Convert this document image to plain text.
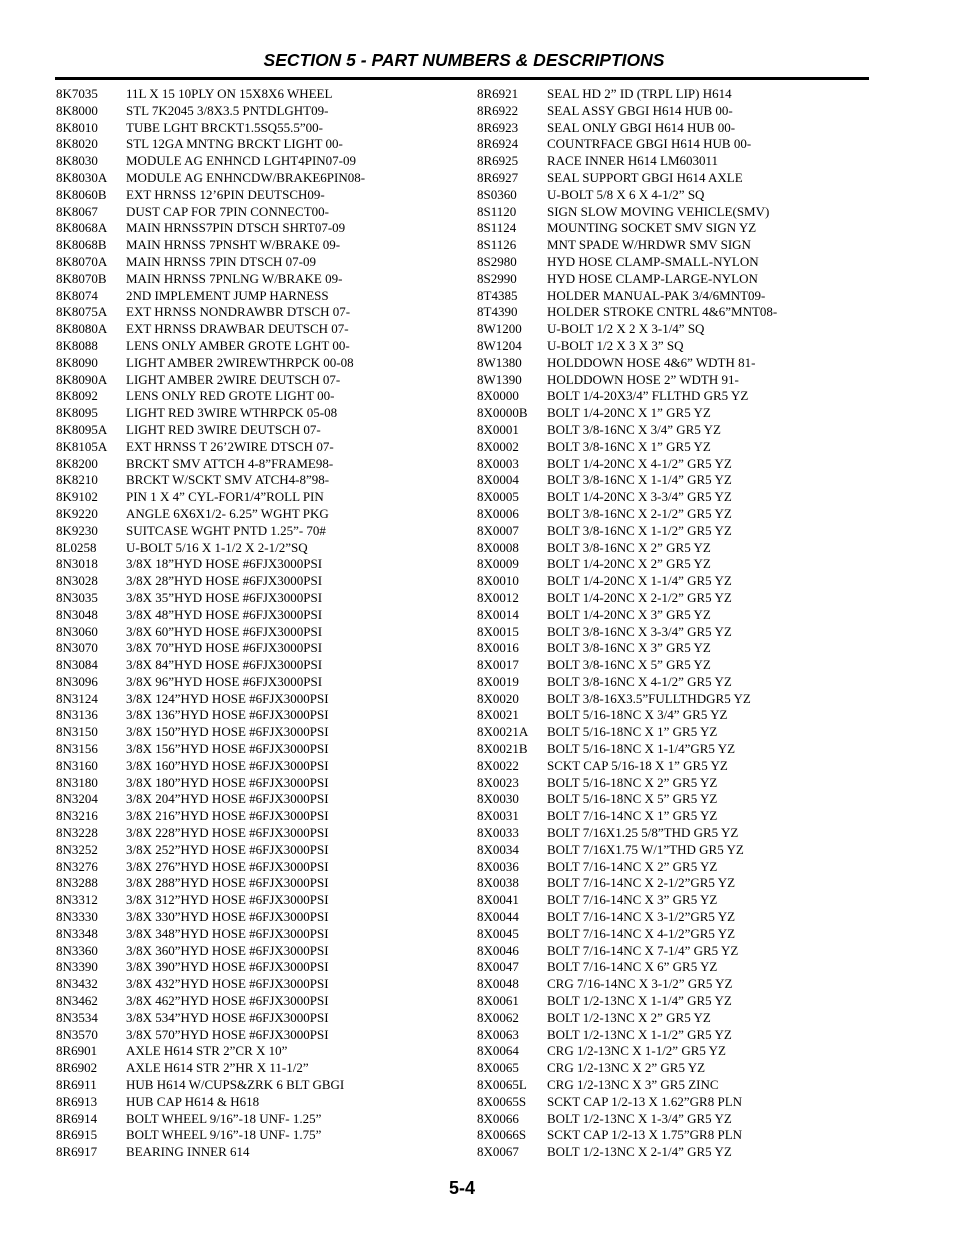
SECTION 5 - PART NUMBERS & DESCRIPTIONS
8K7035 11L X 15 10PLY ON 15X8X6 WHEEL
8K8000 STL 7K2045 3/8X3.5 PNTDLGHT09-
8K8010 TUBE LGHT BRCKT1.5SQ55.5”00-
8K8020 STL 12GA MNTNG BRCKT LIGHT 00-
8K8030 MODULE AG ENHNCD LGHT4PIN07-09
8K8030A MODULE AG ENHNCDW/BRAKE6PIN08-
8K8060B EXT HRNSS 12’6PIN DEUTSCH09-
8K8067 DUST CAP FOR 7PIN CONNECT00-
8K8068A MAIN HRNSS7PIN DTSCH SHRT07-09
8K8068B MAIN HRNSS 7PNSHT W/BRAKE 09-
8K8070A MAIN HRNSS 7PIN DTSCH 07-09
8K8070B MAIN HRNSS 7PNLNG W/BRAKE 09-
8K8074 2ND IMPLEMENT JUMP HARNESS
8K8075A EXT HRNSS NONDRAWBR DTSCH 07-
8K8080A EXT HRNSS DRAWBAR DEUTSCH 07-
8K8088 LENS ONLY AMBER GROTE LGHT 00-
8K8090 LIGHT AMBER 2WIREWTHRPCK 00-08
8K8090A LIGHT AMBER 2WIRE DEUTSCH 07-
8K8092 LENS ONLY RED GROTE LIGHT 00-
8K8095 LIGHT RED 3WIRE WTHRPCK 05-08
8K8095A LIGHT RED 3WIRE DEUTSCH 07-
8K8105A EXT HRNSS T 26’2WIRE DTSCH 07-
8K8200 BRCKT SMV ATTCH 4-8”FRAME98-
8K8210 BRCKT W/SCKT SMV ATCH4-8”98-
8K9102 PIN 1 X 4” CYL-FOR1/4”ROLL PIN
8K9220 ANGLE 6X6X1/2- 6.25” WGHT PKG
8K9230 SUITCASE WGHT PNTD 1.25”- 70#
8L0258 U-BOLT 5/16 X 1-1/2 X 2-1/2”SQ
8N3018 3/8X 18”HYD HOSE #6FJX3000PSI
8N3028 3/8X 28”HYD HOSE #6FJX3000PSI
8N3035 3/8X 35”HYD HOSE #6FJX3000PSI
8N3048 3/8X 48”HYD HOSE #6FJX3000PSI
8N3060 3/8X 60”HYD HOSE #6FJX3000PSI
8N3070 3/8X 70”HYD HOSE #6FJX3000PSI
8N3084 3/8X 84”HYD HOSE #6FJX3000PSI
8N3096 3/8X 96”HYD HOSE #6FJX3000PSI
8N3124 3/8X 124”HYD HOSE #6FJX3000PSI
8N3136 3/8X 136”HYD HOSE #6FJX3000PSI
8N3150 3/8X 150”HYD HOSE #6FJX3000PSI
8N3156 3/8X 156”HYD HOSE #6FJX3000PSI
8N3160 3/8X 160”HYD HOSE #6FJX3000PSI
8N3180 3/8X 180”HYD HOSE #6FJX3000PSI
8N3204 3/8X 204”HYD HOSE #6FJX3000PSI
8N3216 3/8X 216”HYD HOSE #6FJX3000PSI
8N3228 3/8X 228”HYD HOSE #6FJX3000PSI
8N3252 3/8X 252”HYD HOSE #6FJX3000PSI
8N3276 3/8X 276”HYD HOSE #6FJX3000PSI
8N3288 3/8X 288”HYD HOSE #6FJX3000PSI
8N3312 3/8X 312”HYD HOSE #6FJX3000PSI
8N3330 3/8X 330”HYD HOSE #6FJX3000PSI
8N3348 3/8X 348”HYD HOSE #6FJX3000PSI
8N3360 3/8X 360”HYD HOSE #6FJX3000PSI
8N3390 3/8X 390”HYD HOSE #6FJX3000PSI
8N3432 3/8X 432”HYD HOSE #6FJX3000PSI
8N3462 3/8X 462”HYD HOSE #6FJX3000PSI
8N3534 3/8X 534”HYD HOSE #6FJX3000PSI
8N3570 3/8X 570”HYD HOSE #6FJX3000PSI
8R6901 AXLE H614 STR 2”CR X 10”
8R6902 AXLE H614 STR 2”HR X 11-1/2”
8R6911 HUB H614 W/CUPS&ZRK 6 BLT GBGI
8R6913 HUB CAP H614 & H618
8R6914 BOLT WHEEL 9/16”-18 UNF- 1.25”
8R6915 BOLT WHEEL 9/16”-18 UNF- 1.75”
8R6917 BEARING INNER 614
8R6921 SEAL HD 2” ID (TRPL LIP) H614
8R6922 SEAL ASSY GBGI H614 HUB 00-
8R6923 SEAL ONLY GBGI H614 HUB 00-
8R6924 COUNTRFACE GBGI H614 HUB 00-
8R6925 RACE INNER H614 LM603011
8R6927 SEAL SUPPORT GBGI H614 AXLE
8S0360 U-BOLT 5/8 X 6 X 4-1/2” SQ
8S1120 SIGN SLOW MOVING VEHICLE(SMV)
8S1124 MOUNTING SOCKET SMV SIGN YZ
8S1126 MNT SPADE W/HRDWR SMV SIGN
8S2980 HYD HOSE CLAMP-SMALL-NYLON
8S2990 HYD HOSE CLAMP-LARGE-NYLON
8T4385 HOLDER MANUAL-PAK 3/4/6MNT09-
8T4390 HOLDER STROKE CNTRL 4&6”MNT08-
8W1200 U-BOLT 1/2 X 2 X 3-1/4” SQ
8W1204 U-BOLT 1/2 X 3 X 3” SQ
8W1380 HOLDDOWN HOSE 4&6” WDTH 81-
8W1390 HOLDDOWN HOSE 2” WDTH 91-
8X0000 BOLT 1/4-20X3/4” FLLTHD GR5 YZ
8X0000B BOLT 1/4-20NC X 1” GR5 YZ
8X0001 BOLT 3/8-16NC X 3/4” GR5 YZ
8X0002 BOLT 3/8-16NC X 1” GR5 YZ
8X0003 BOLT 1/4-20NC X 4-1/2” GR5 YZ
8X0004 BOLT 3/8-16NC X 1-1/4” GR5 YZ
8X0005 BOLT 1/4-20NC X 3-3/4” GR5 YZ
8X0006 BOLT 3/8-16NC X 2-1/2” GR5 YZ
8X0007 BOLT 3/8-16NC X 1-1/2” GR5 YZ
8X0008 BOLT 3/8-16NC X 2” GR5 YZ
8X0009 BOLT 1/4-20NC X 2” GR5 YZ
8X0010 BOLT 1/4-20NC X 1-1/4” GR5 YZ
8X0012 BOLT 1/4-20NC X 2-1/2” GR5 YZ
8X0014 BOLT 1/4-20NC X 3” GR5 YZ
8X0015 BOLT 3/8-16NC X 3-3/4” GR5 YZ
8X0016 BOLT 3/8-16NC X 3” GR5 YZ
8X0017 BOLT 3/8-16NC X 5” GR5 YZ
8X0019 BOLT 3/8-16NC X 4-1/2” GR5 YZ
8X0020 BOLT 3/8-16X3.5”FULLTHDGR5 YZ
8X0021 BOLT 5/16-18NC X 3/4” GR5 YZ
8X0021A BOLT 5/16-18NC X 1” GR5 YZ
8X0021B BOLT 5/16-18NC X 1-1/4”GR5 YZ
8X0022 SCKT CAP 5/16-18 X 1” GR5 YZ
8X0023 BOLT 5/16-18NC X 2” GR5 YZ
8X0030 BOLT 5/16-18NC X 5” GR5 YZ
8X0031 BOLT 7/16-14NC X 1” GR5 YZ
8X0033 BOLT 7/16X1.25 5/8”THD GR5 YZ
8X0034 BOLT 7/16X1.75 W/1”THD GR5 YZ
8X0036 BOLT 7/16-14NC X 2” GR5 YZ
8X0038 BOLT 7/16-14NC X 2-1/2”GR5 YZ
8X0041 BOLT 7/16-14NC X 3” GR5 YZ
8X0044 BOLT 7/16-14NC X 3-1/2”GR5 YZ
8X0045 BOLT 7/16-14NC X 4-1/2”GR5 YZ
8X0046 BOLT 7/16-14NC X 7-1/4” GR5 YZ
8X0047 BOLT 7/16-14NC X 6” GR5 YZ
8X0048 CRG 7/16-14NC X 3-1/2” GR5 YZ
8X0061 BOLT 1/2-13NC X 1-1/4” GR5 YZ
8X0062 BOLT 1/2-13NC X 2” GR5 YZ
8X0063 BOLT 1/2-13NC X 1-1/2” GR5 YZ
8X0064 CRG 1/2-13NC X 1-1/2” GR5 YZ
8X0065 CRG 1/2-13NC X 2” GR5 YZ
8X0065L CRG 1/2-13NC X 3” GR5 ZINC
8X0065S SCKT CAP 1/2-13 X 1.62”GR8 PLN
8X0066 BOLT 1/2-13NC X 1-3/4” GR5 YZ
8X0066S SCKT CAP 1/2-13 X 1.75”GR8 PLN
8X0067 BOLT 1/2-13NC X 2-1/4” GR5 YZ
5-4
